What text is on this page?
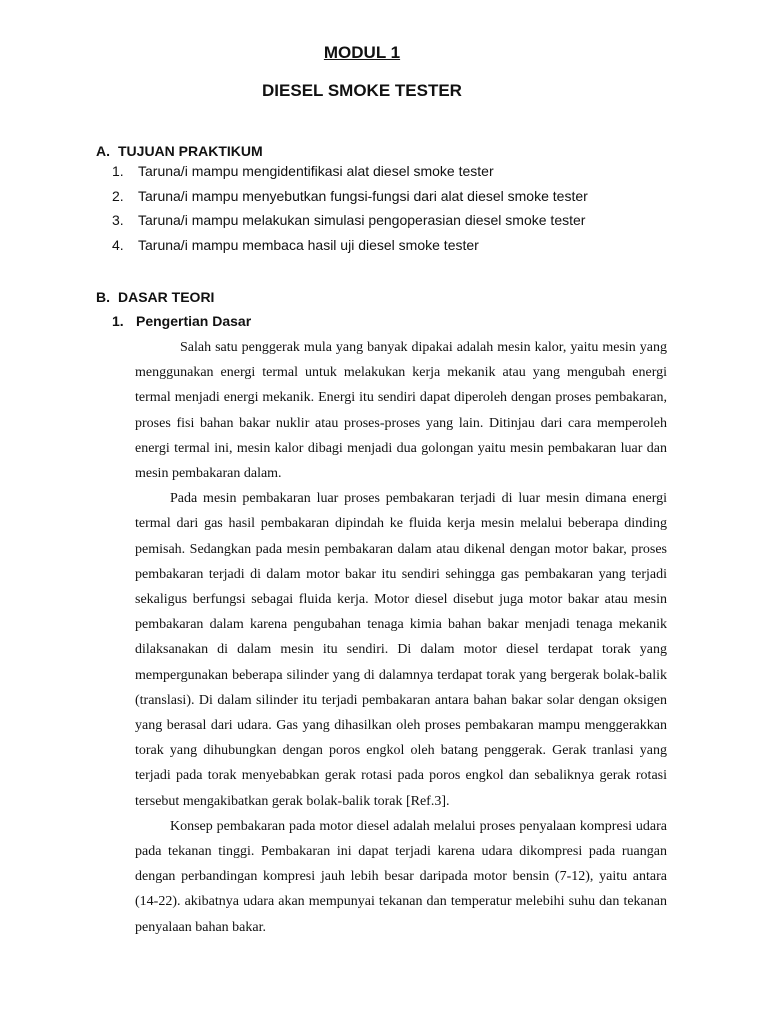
MODUL 1
DIESEL SMOKE TESTER
A. TUJUAN PRAKTIKUM
1. Taruna/i mampu mengidentifikasi alat diesel smoke tester
2. Taruna/i mampu menyebutkan fungsi-fungsi dari alat diesel smoke tester
3. Taruna/i mampu melakukan simulasi pengoperasian diesel smoke tester
4. Taruna/i mampu membaca hasil uji diesel smoke tester
B. DASAR TEORI
1. Pengertian Dasar

Salah satu penggerak mula yang banyak dipakai adalah mesin kalor, yaitu mesin yang menggunakan energi termal untuk melakukan kerja mekanik atau yang mengubah energi termal menjadi energi mekanik. Energi itu sendiri dapat diperoleh dengan proses pembakaran, proses fisi bahan bakar nuklir atau proses-proses yang lain. Ditinjau dari cara memperoleh energi termal ini, mesin kalor dibagi menjadi dua golongan yaitu mesin pembakaran luar dan mesin pembakaran dalam.

Pada mesin pembakaran luar proses pembakaran terjadi di luar mesin dimana energi termal dari gas hasil pembakaran dipindah ke fluida kerja mesin melalui beberapa dinding pemisah. Sedangkan pada mesin pembakaran dalam atau dikenal dengan motor bakar, proses pembakaran terjadi di dalam motor bakar itu sendiri sehingga gas pembakaran yang terjadi sekaligus berfungsi sebagai fluida kerja. Motor diesel disebut juga motor bakar atau mesin pembakaran dalam karena pengubahan tenaga kimia bahan bakar menjadi tenaga mekanik dilaksanakan di dalam mesin itu sendiri. Di dalam motor diesel terdapat torak yang mempergunakan beberapa silinder yang di dalamnya terdapat torak yang bergerak bolak-balik (translasi). Di dalam silinder itu terjadi pembakaran antara bahan bakar solar dengan oksigen yang berasal dari udara. Gas yang dihasilkan oleh proses pembakaran mampu menggerakkan torak yang dihubungkan dengan poros engkol oleh batang penggerak. Gerak tranlasi yang terjadi pada torak menyebabkan gerak rotasi pada poros engkol dan sebaliknya gerak rotasi tersebut mengakibatkan gerak bolak-balik torak [Ref.3].

Konsep pembakaran pada motor diesel adalah melalui proses penyalaan kompresi udara pada tekanan tinggi. Pembakaran ini dapat terjadi karena udara dikompresi pada ruangan dengan perbandingan kompresi jauh lebih besar daripada motor bensin (7-12), yaitu antara (14-22). akibatnya udara akan mempunyai tekanan dan temperatur melebihi suhu dan tekanan penyalaan bahan bakar.
